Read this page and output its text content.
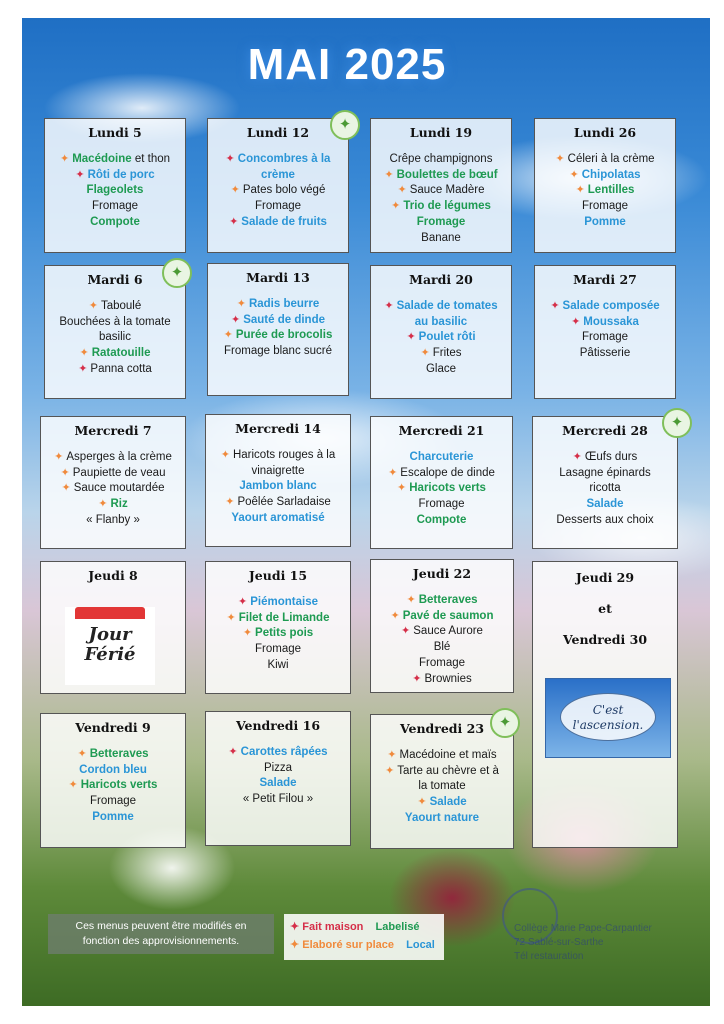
MAI 2025
Lundi 5
✦ Macédoine et thon
✦ Rôti de porc
Flageolets
Fromage
Compote
Lundi 12
✦ Concombres à la
crème
✦ Pates bolo végé
Fromage
✦ Salade de fruits
Lundi 19
Crêpe champignons
✦ Boulettes de bœuf
✦ Sauce Madère
✦ Trio de légumes
Fromage
Banane
Lundi 26
✦ Céleri à la crème
✦ Chipolatas
✦ Lentilles
Fromage
Pomme
Mardi 6
✦ Taboulé
Bouchées à la tomate
basilic
✦ Ratatouille
✦ Panna cotta
Mardi 13
✦ Radis beurre
✦ Sauté de dinde
✦ Purée de brocolis
Fromage blanc sucré
Mardi 20
✦ Salade de tomates
au basilic
✦ Poulet rôti
✦ Frites
Glace
Mardi 27
✦ Salade composée
✦ Moussaka
Fromage
Pâtisserie
Mercredi 7
✦ Asperges à la crème
✦ Paupiette de veau
✦ Sauce moutardée
✦ Riz
« Flanby »
Mercredi 14
✦ Haricots rouges à la
vinaigrette
Jambon blanc
✦ Poêlée Sarladaise
Yaourt aromatisé
Mercredi 21
Charcuterie
✦ Escalope de dinde
✦ Haricots verts
Fromage
Compote
Mercredi 28
✦ Œufs durs
Lasagne épinards
ricotta
Salade
Desserts aux choix
Jeudi 8
Jour Férié
Jeudi 15
✦ Piémontaise
✦ Filet de Limande
✦ Petits pois
Fromage
Kiwi
Jeudi 22
✦ Betteraves
✦ Pavé de saumon
✦ Sauce Aurore
Blé
Fromage
✦ Brownies
Jeudi 29
et
Vendredi 30
C'est l'ascension.
Vendredi 9
✦ Betteraves
Cordon bleu
✦ Haricots verts
Fromage
Pomme
Vendredi 16
✦ Carottes râpées
Pizza
Salade
« Petit Filou »
Vendredi 23
✦ Macédoine et maïs
✦ Tarte au chèvre et à
la tomate
✦ Salade
Yaourt nature
✦
✦
✦
✦
Ces menus peuvent être modifiés en
fonction des approvisionnements.
✦ Fait maison Labelisé
✦ Elaboré sur place Local
Collège Marie Pape-Carpantier
72 Sablé-sur-Sarthe
Tél restauration
